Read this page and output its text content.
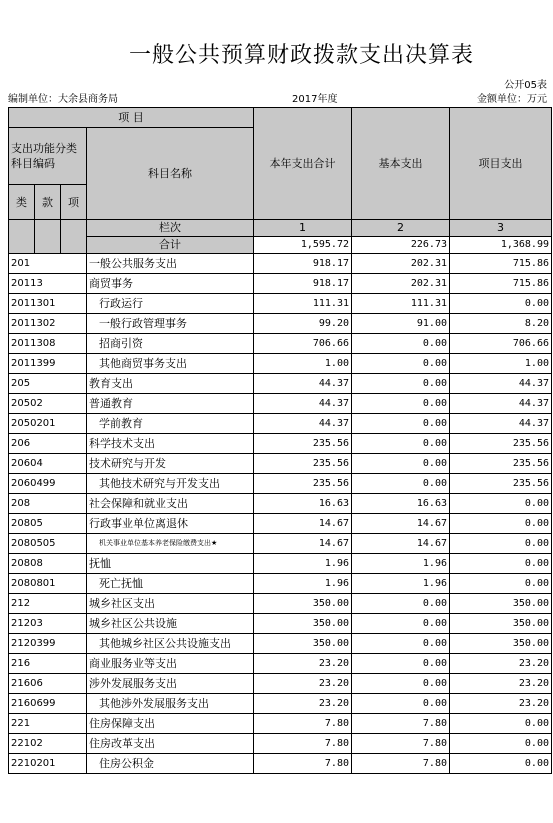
一般公共预算财政拨款支出决算表
公开05表
编制单位：大余县商务局	2017年度	金额单位：万元
项 目				本年支出合计	基本支出	项目支出
支出功能分类科目编码			科目名称			
类	款	项				
			栏次	1	2	3
			合计	1,595.72	226.73	1,368.99
201			一般公共服务支出	918.17	202.31	715.86
20113			商贸事务	918.17	202.31	715.86
2011301			行政运行	111.31	111.31	0.00
2011302			一般行政管理事务	99.20	91.00	8.20
2011308			招商引资	706.66	0.00	706.66
2011399			其他商贸事务支出	1.00	0.00	1.00
205			教育支出	44.37	0.00	44.37
20502			普通教育	44.37	0.00	44.37
2050201			学前教育	44.37	0.00	44.37
206			科学技术支出	235.56	0.00	235.56
20604			技术研究与开发	235.56	0.00	235.56
2060499			其他技术研究与开发支出	235.56	0.00	235.56
208			社会保障和就业支出	16.63	16.63	0.00
20805			行政事业单位离退休	14.67	14.67	0.00
2080505			机关事业单位基本养老保险缴费支出★	14.67	14.67	0.00
20808			抚恤	1.96	1.96	0.00
2080801			死亡抚恤	1.96	1.96	0.00
212			城乡社区支出	350.00	0.00	350.00
21203			城乡社区公共设施	350.00	0.00	350.00
2120399			其他城乡社区公共设施支出	350.00	0.00	350.00
216			商业服务业等支出	23.20	0.00	23.20
21606			涉外发展服务支出	23.20	0.00	23.20
2160699			其他涉外发展服务支出	23.20	0.00	23.20
221			住房保障支出	7.80	7.80	0.00
22102			住房改革支出	7.80	7.80	0.00
2210201			住房公积金	7.80	7.80	0.00
